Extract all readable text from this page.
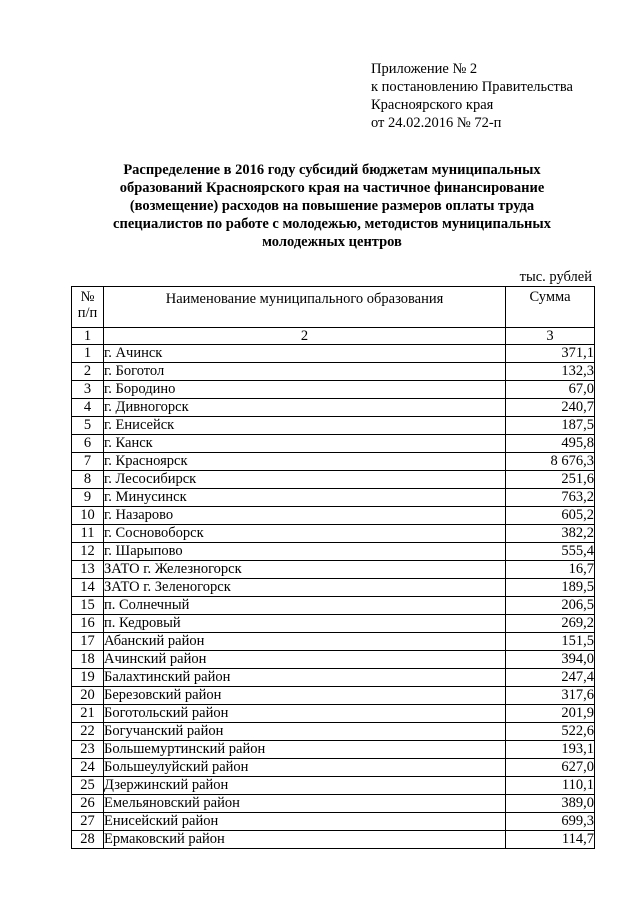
Приложение № 2
к постановлению Правительства
Красноярского края
от 24.02.2016 № 72-п
Распределение в 2016 году субсидий бюджетам муниципальных
образований Красноярского края на частичное финансирование
(возмещение) расходов на повышение размеров оплаты труда
специалистов по работе с молодежью, методистов муниципальных
молодежных центров
тыс. рублей
№
п/п	Наименование муниципального образования	Сумма
1	2	3
1	г. Ачинск	371,1
2	г. Боготол	132,3
3	г. Бородино	67,0
4	г. Дивногорск	240,7
5	г. Енисейск	187,5
6	г. Канск	495,8
7	г. Красноярск	8 676,3
8	г. Лесосибирск	251,6
9	г. Минусинск	763,2
10	г. Назарово	605,2
11	г. Сосновоборск	382,2
12	г. Шарыпово	555,4
13	ЗАТО г. Железногорск	16,7
14	ЗАТО г. Зеленогорск	189,5
15	п. Солнечный	206,5
16	п. Кедровый	269,2
17	Абанский район	151,5
18	Ачинский район	394,0
19	Балахтинский район	247,4
20	Березовский район	317,6
21	Боготольский район	201,9
22	Богучанский район	522,6
23	Большемуртинский район	193,1
24	Большеулуйский район	627,0
25	Дзержинский район	110,1
26	Емельяновский район	389,0
27	Енисейский район	699,3
28	Ермаковский район	114,7
